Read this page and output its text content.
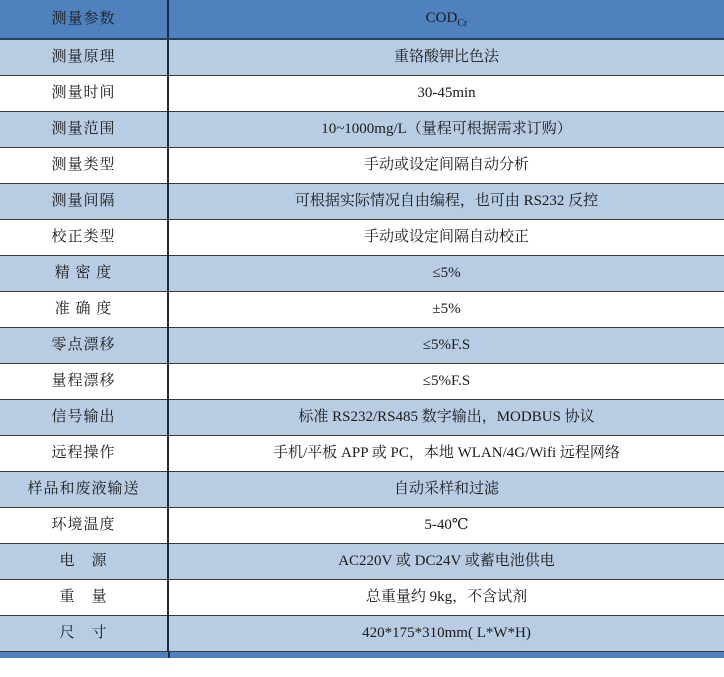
测量参数	$COD_{Cr}$
测量原理	重铬酸钾比色法
测量时间	30-45min
测量范围	10~1000mg/L（量程可根据需求订购）
测量类型	手动或设定间隔自动分析
测量间隔	可根据实际情况自由编程，也可由 RS232 反控
校正类型	手动或设定间隔自动校正
精 密 度	≤5%
准 确 度	±5%
零点漂移	≤5%F.S
量程漂移	≤5%F.S
信号输出	标准 RS232/RS485 数字输出，MODBUS 协议
远程操作	手机/平板 APP 或 PC，本地 WLAN/4G/Wifi 远程网络
样品和废液输送	自动采样和过滤
环境温度	5-40℃
电　源	AC220V 或 DC24V 或蓄电池供电
重　量	总重量约 9kg，不含试剂
尺　寸	420*175*310mm( L*W*H)
